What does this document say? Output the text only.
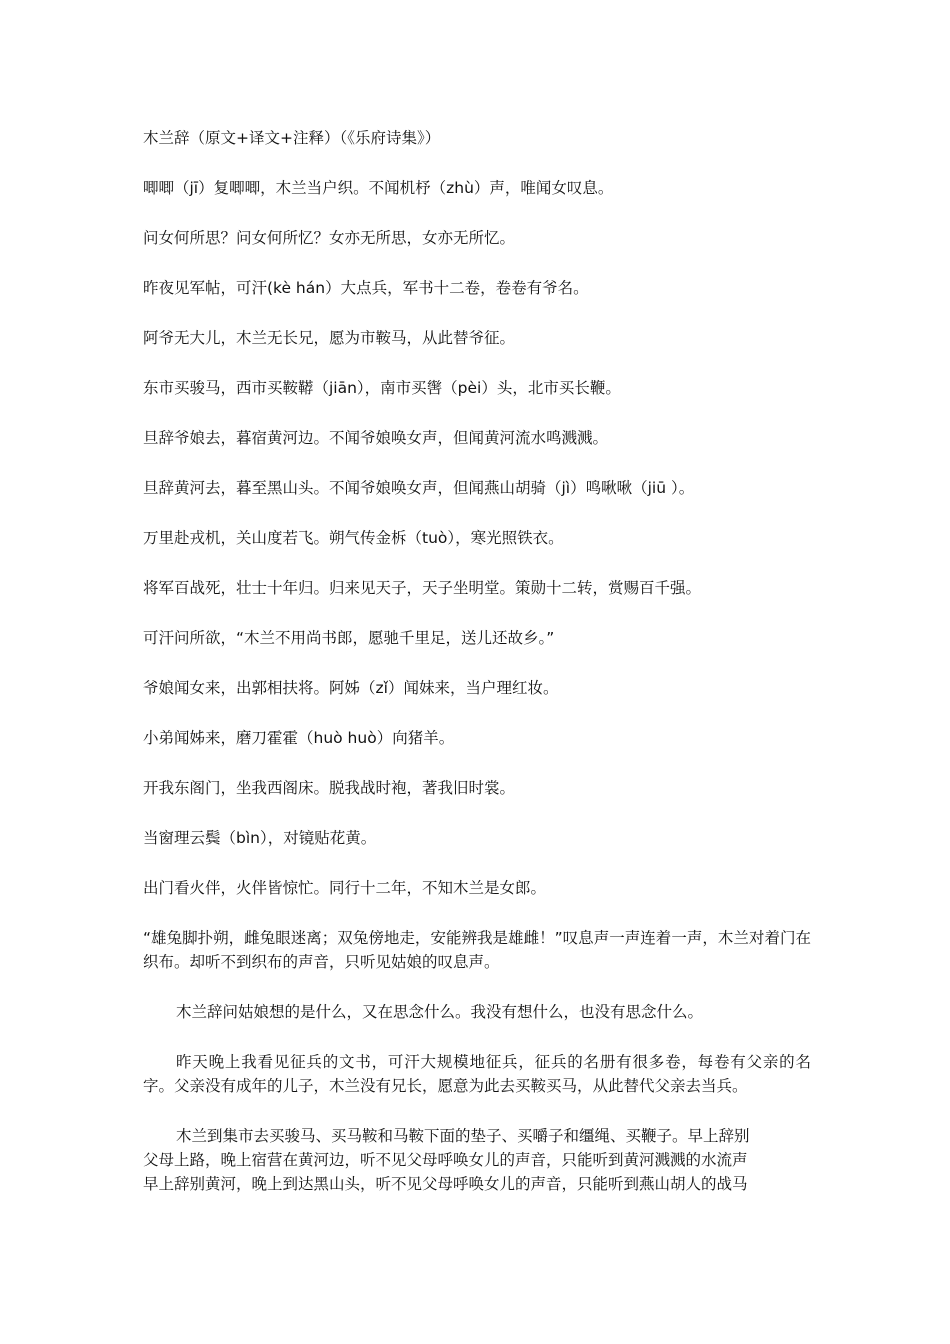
木兰辞（原文+译文+注释）（《乐府诗集》）
唧唧（jī）复唧唧，木兰当户织。不闻机杼（zhù）声，唯闻女叹息。
问女何所思？问女何所忆？女亦无所思，女亦无所忆。
昨夜见军帖，可汗(kè hán）大点兵，军书十二卷，卷卷有爷名。
阿爷无大儿，木兰无长兄，愿为市鞍马，从此替爷征。
东市买骏马，西市买鞍鞯（jiān），南市买辔（pèi）头，北市买长鞭。
旦辞爷娘去，暮宿黄河边。不闻爷娘唤女声，但闻黄河流水鸣溅溅。
旦辞黄河去，暮至黑山头。不闻爷娘唤女声，但闻燕山胡骑（jì）鸣啾啾（jiū ）。
万里赴戎机，关山度若飞。朔气传金柝（tuò），寒光照铁衣。
将军百战死，壮士十年归。归来见天子，天子坐明堂。策勋十二转，赏赐百千强。
可汗问所欲，“木兰不用尚书郎，愿驰千里足，送儿还故乡。”
爷娘闻女来，出郭相扶将。阿姊（zǐ）闻妹来，当户理红妆。
小弟闻姊来，磨刀霍霍（huò huò）向猪羊。
开我东阁门，坐我西阁床。脱我战时袍，著我旧时裳。
当窗理云鬓（bìn），对镜贴花黄。
出门看火伴，火伴皆惊忙。同行十二年，不知木兰是女郎。
“雄兔脚扑朔，雌兔眼迷离；双兔傍地走，安能辨我是雄雌！”叹息声一声连着一声，木兰对着门在织布。却听不到织布的声音，只听见姑娘的叹息声。
木兰辞问姑娘想的是什么，又在思念什么。我没有想什么，也没有思念什么。
昨天晚上我看见征兵的文书，可汗大规模地征兵，征兵的名册有很多卷，每卷有父亲的名字。父亲没有成年的儿子，木兰没有兄长，愿意为此去买鞍买马，从此替代父亲去当兵。
木兰到集市去买骏马、买马鞍和马鞍下面的垫子、买嚼子和缰绳、买鞭子。早上辞别
父母上路，晚上宿营在黄河边，听不见父母呼唤女儿的声音，只能听到黄河溅溅的水流声
早上辞别黄河，晚上到达黑山头，听不见父母呼唤女儿的声音，只能听到燕山胡人的战马
